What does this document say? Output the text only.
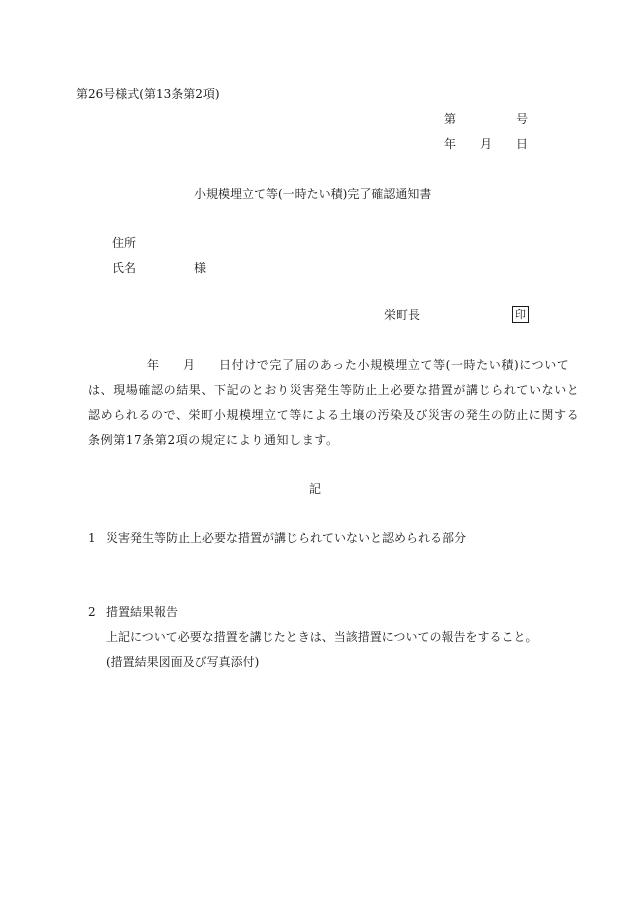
第26号様式(第13条第2項)
第	号
年 月 日
小規模埋立て等(一時たい積)完了確認通知書
住所
氏名	様
栄町長	印
年 月 日付けで完了届のあった小規模埋立て等(一時たい積)について
は、現場確認の結果、下記のとおり災害発生等防止上必要な措置が講じられていないと
認められるので、栄町小規模埋立て等による土壌の汚染及び災害の発生の防止に関する
条例第17条第2項の規定により通知します。
記
1 災害発生等防止上必要な措置が講じられていないと認められる部分
2 措置結果報告
上記について必要な措置を講じたときは、当該措置についての報告をすること。
(措置結果図面及び写真添付)
